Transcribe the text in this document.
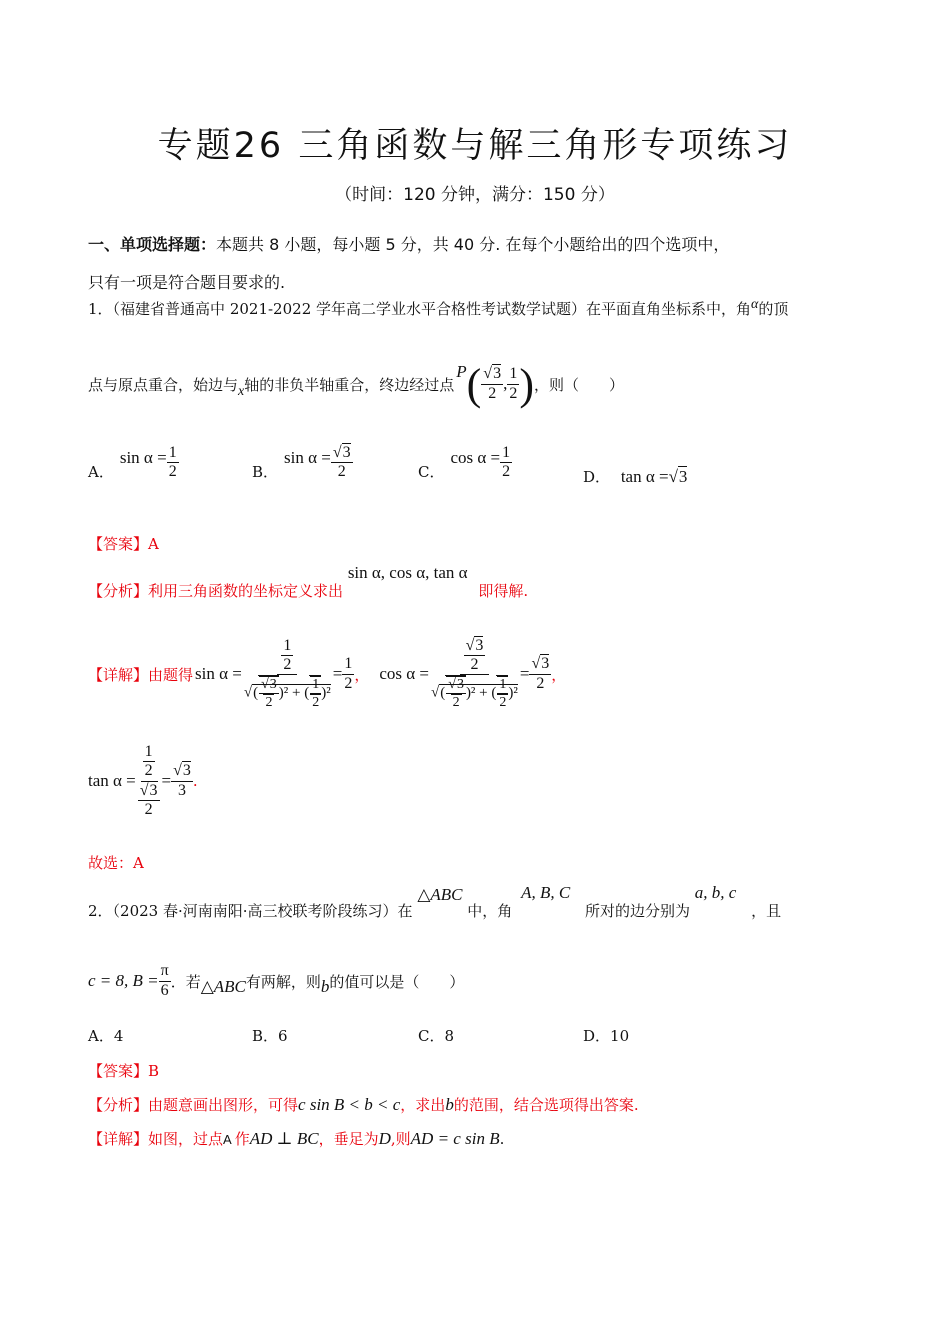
专题26 三角函数与解三角形专项练习
（时间：120 分钟，满分：150 分）
一、单项选择题：本题共 8 小题，每小题 5 分，共 40 分. 在每个小题给出的四个选项中，
只有一项是符合题目要求的.
1．（福建省普通高中 2021-2022 学年高二学业水平合格性考试数学试题）在平面直角坐标系中，角$^\alpha$的顶
点与原点重合，始边与$_x$ 轴的非负半轴重合，终边经过点
P ( $\frac{√3}{2}$ , $\frac{1}{2}$ ) ，则（　　）
A．
$\sin \alpha = \frac{1}{2}$	B．
$\sin \alpha = \frac{√3}{2}$	C．
$\cos \alpha = \frac{1}{2}$	D． tan α =√3
【答案】A
【分析】利用三角函数的坐标定义求出 sin α, cos α, tan α 即得解.
【详解】 由题得 $\sin \alpha = \frac{\frac{1}{2}}{√( \frac{√3}{2} )^2 + ( \frac{1}{2} )^2} = \frac{1}{2}$ ， $\cos \alpha = \frac{\frac{√3}{2}}{√( \frac{√3}{2} )^2 + ( \frac{1}{2} )^2} = \frac{√3}{2}$ ，
$\tan \alpha = \frac{\frac{1}{2}}{\frac{√3}{2}} = \frac{√3}{3}$ .
故选：A
2．（2023 春·河南南阳·高三校联考阶段练习）在 △ABC 中，角 A, B, C 所对的边分别为 a, b, c ，且
c = 8, $B = \frac{\pi}{6}$ ．若 △ABC 有两解，则 b 的值可以是（　　）
A．4	B．6	C．8	D．10
【答案】B
【分析】由题意画出图形，可得c sin B < b < c，求出b的范围，结合选项得出答案.
【详解】如图，过点A 作AD ⊥ BC，垂足为D,则AD = c sin B.
